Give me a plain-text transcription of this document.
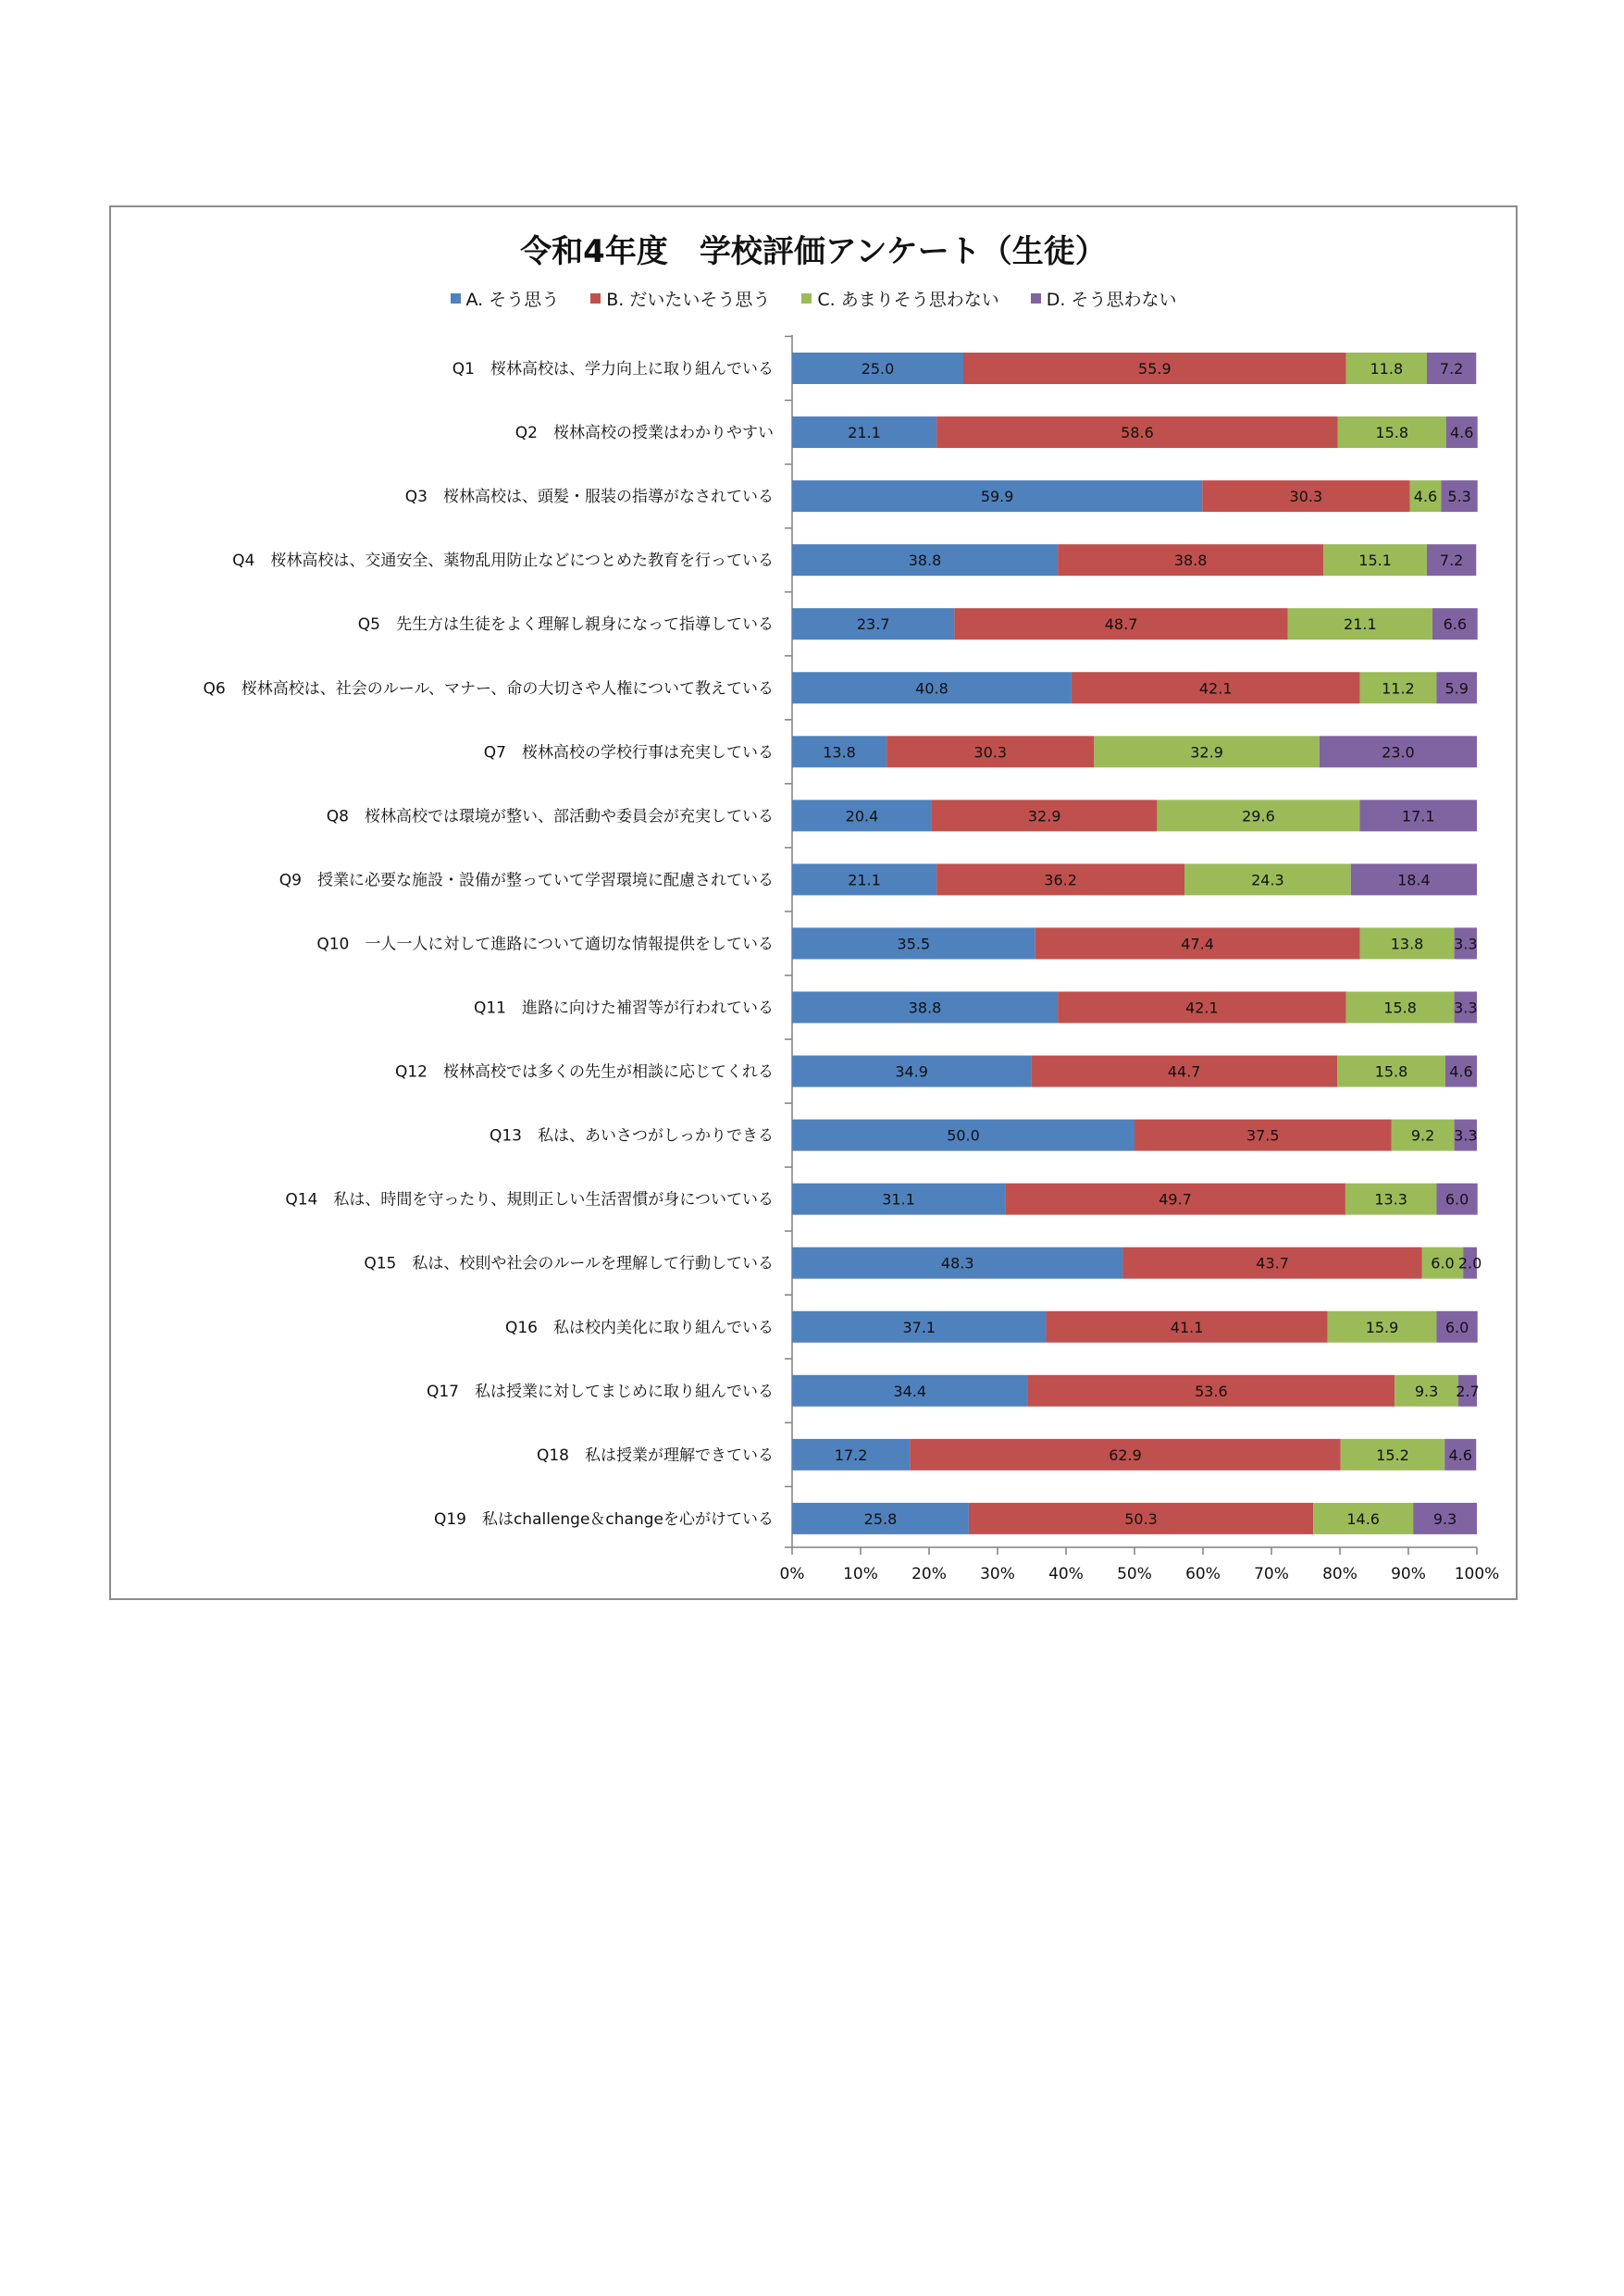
令和4年度　学校評価アンケート（生徒）
A. そう思う	B. だいたいそう思う	C. あまりそう思わない	D. そう思わない
0% 10% 20% 30% 40% 50% 60% 70% 80% 90% 100%
Q1　桜林高校は、学力向上に取り組んでいる
Q2　桜林高校の授業はわかりやすい
Q3　桜林高校は、頭髪・服装の指導がなされている
Q4　桜林高校は、交通安全、薬物乱用防止などにつとめた教育を行っている
Q5　先生方は生徒をよく理解し親身になって指導している
Q6　桜林高校は、社会のルール、マナー、命の大切さや人権について教えている
Q7　桜林高校の学校行事は充実している
Q8　桜林高校では環境が整い、部活動や委員会が充実している
Q9　授業に必要な施設・設備が整っていて学習環境に配慮されている
Q10　一人一人に対して進路について適切な情報提供をしている
Q11　進路に向けた補習等が行われている
Q12　桜林高校では多くの先生が相談に応じてくれる
Q13　私は、あいさつがしっかりできる
Q14　私は、時間を守ったり、規則正しい生活習慣が身についている
Q15　私は、校則や社会のルールを理解して行動している
Q16　私は校内美化に取り組んでいる
Q17　私は授業に対してまじめに取り組んでいる
Q18　私は授業が理解できている
Q19　私はchallenge＆changeを心がけている
25.0	55.9	11.8 7.2
21.1	58.6	15.8	4.6
59.9	30.3	4.6 5.3
38.8	38.8	15.1	7.2
23.7	48.7	21.1	6.6
40.8	42.1	11.2 5.9
13.8	30.3	32.9	23.0
20.4	32.9	29.6	17.1
21.1	36.2	24.3	18.4
35.5	47.4	13.8 3.3
38.8	42.1	15.8	3.3
34.9	44.7	15.8	4.6
50.0	37.5	9.2 3.3
31.1	49.7	13.3	6.0
48.3	43.7	6.0 2.0
37.1	41.1	15.9	6.0
34.4	53.6	9.3 2.7
17.2	62.9	15.2	4.6
25.8	50.3	14.6	9.3
